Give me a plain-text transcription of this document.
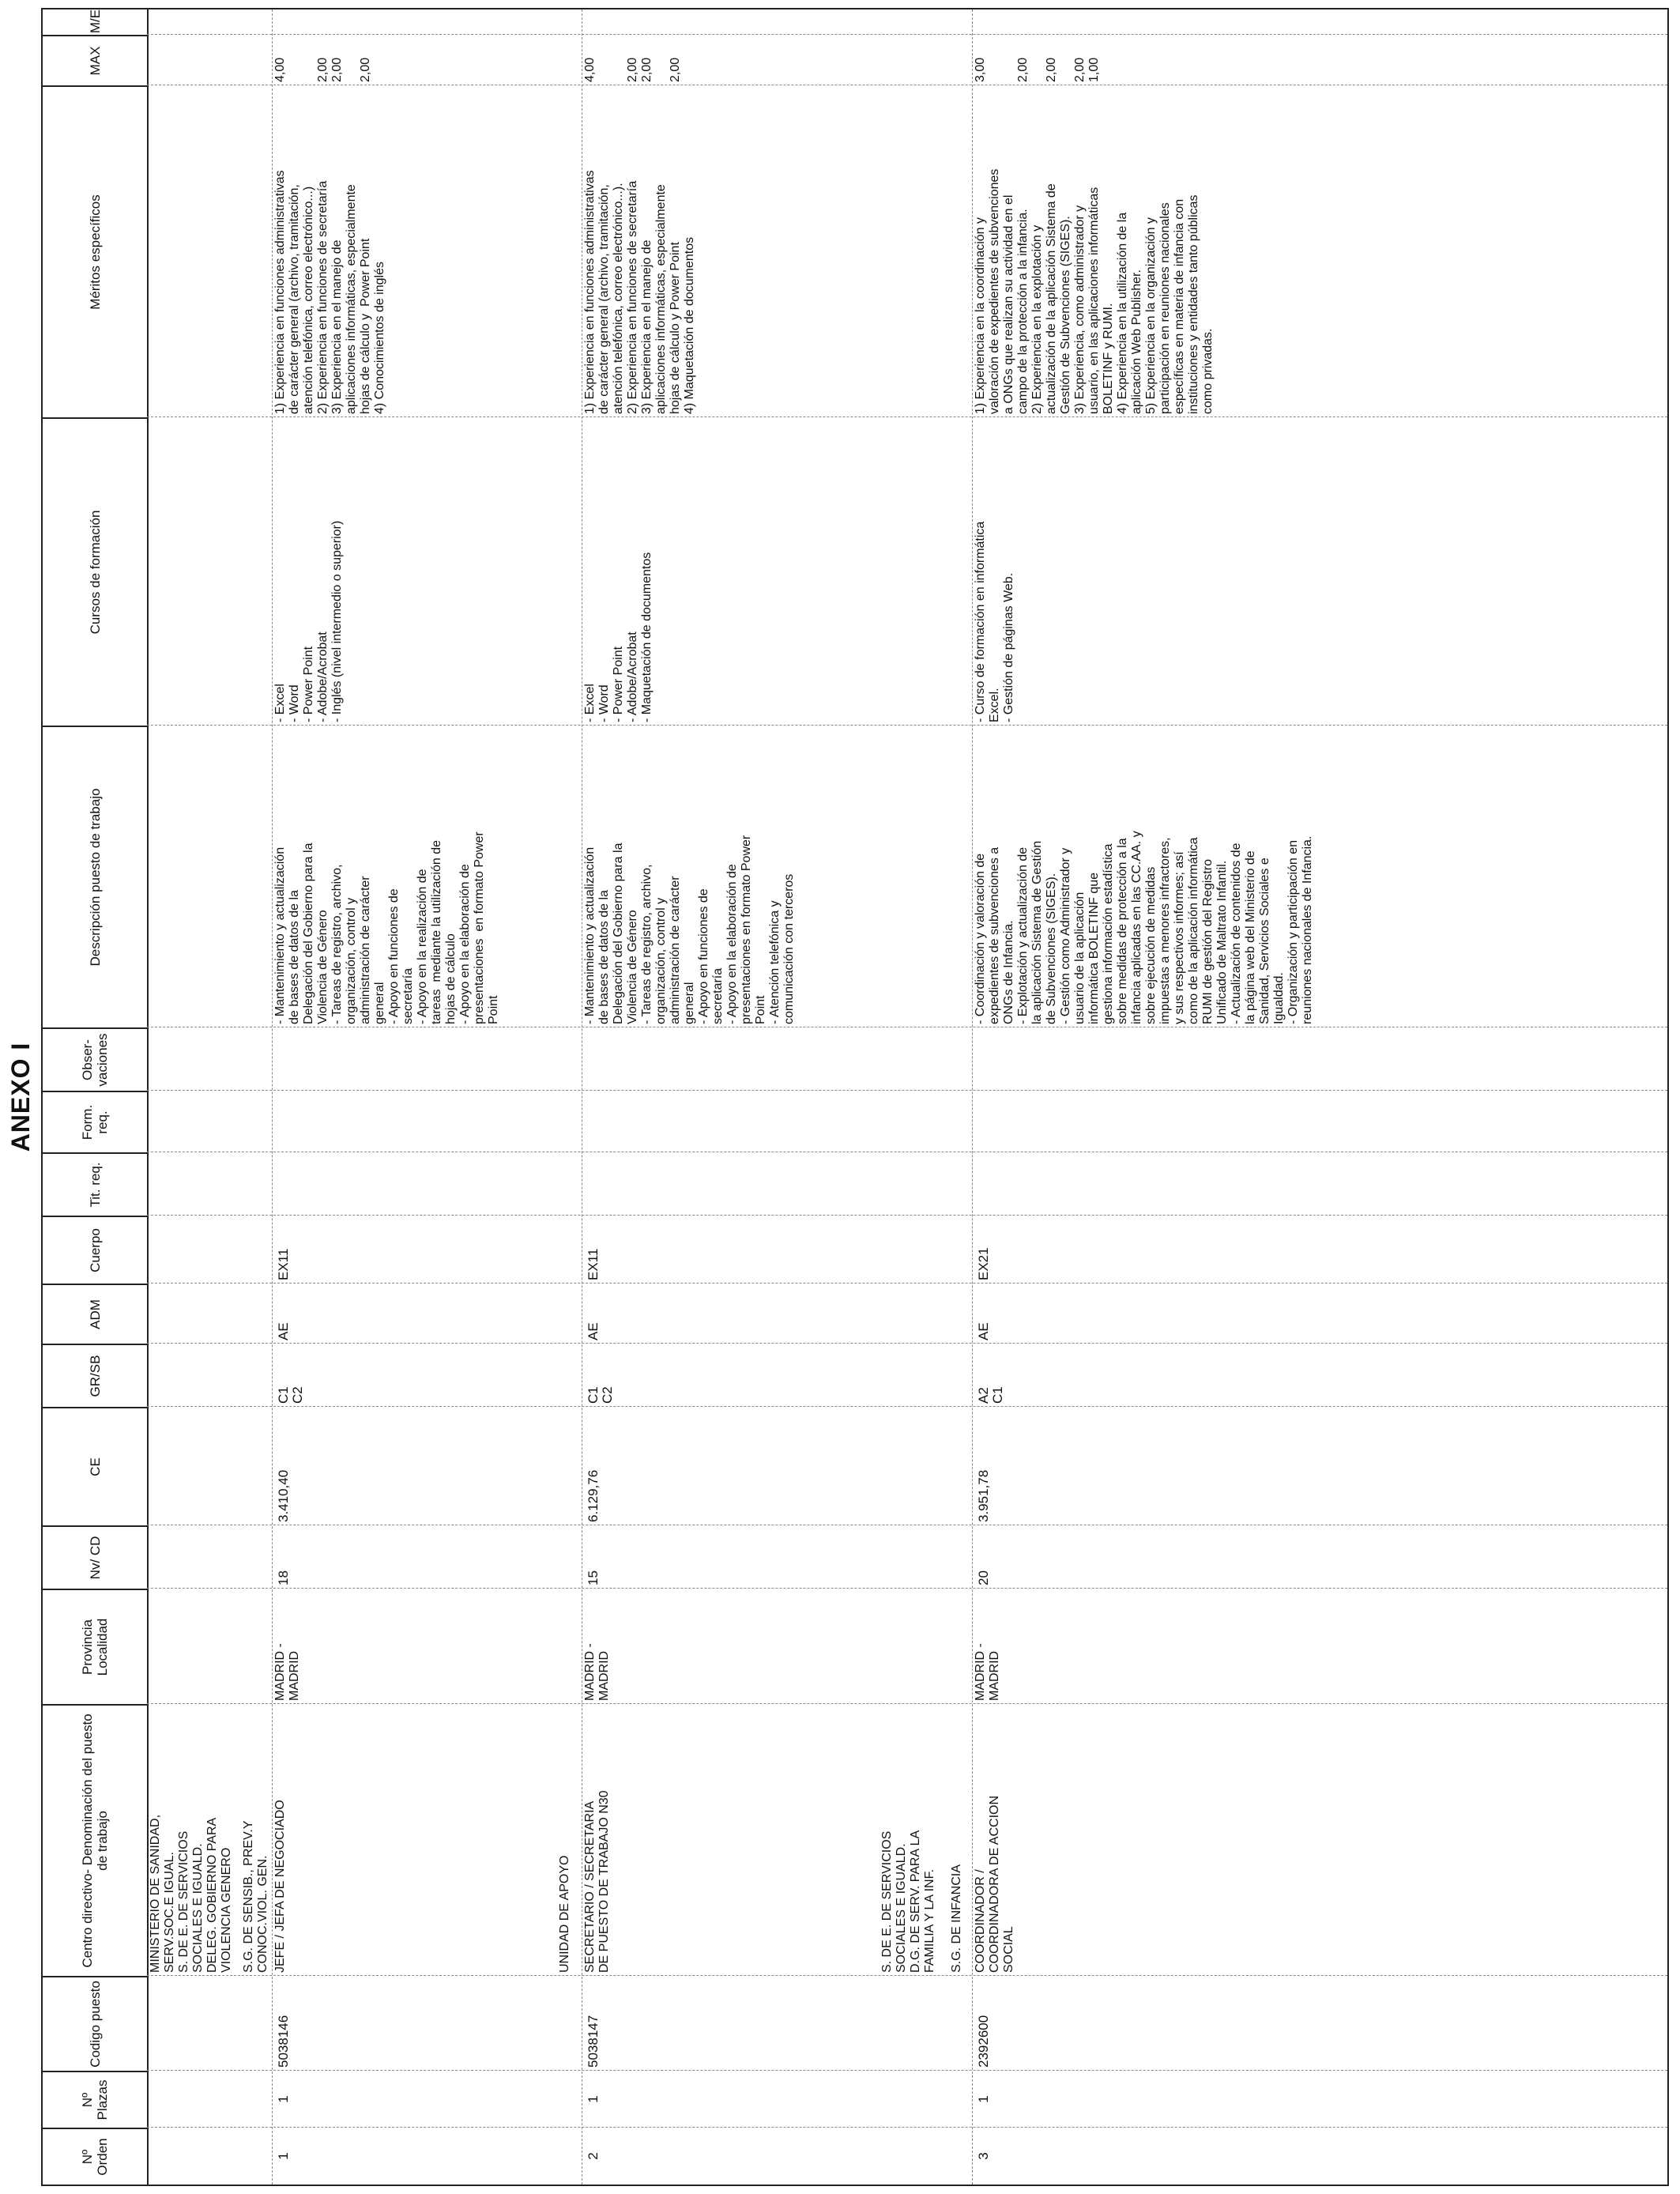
ANEXO I
Nº Orden
Nº Plazas
Codigo puesto
Centro directivo- Denominación del puesto de trabajo
Provincia Localidad
Nv/ CD
CE
GR/SB
ADM
Cuerpo
Tit. req.
Form. req.
Obser- vaciones
Descripción puesto de trabajo
Cursos de formación
Méritos específicos
MAX
M/E
MINISTERIO DE SANIDAD,
SERV.SOC.E IGUAL.
S. DE E. DE SERVICIOS
SOCIALES E IGUALD.
DELEG. GOBIERNO PARA
VIOLENCIA GENERO
S.G. DE SENSIB., PREV.Y
CONOC.VIOL. GEN.	UNIDAD DE APOYO	S. DE E. DE SERVICIOS
SOCIALES E IGUALD.
D.G. DE SERV. PARA LA
FAMILIA Y LA INF. S.G. DE INFANCIA
1
1
5038146
JEFE / JEFA DE NEGOCIADO
MADRID -
MADRID
18
3.410,40
C1
C2
AE
EX11
- Mantenimiento y actualización
de bases de datos de la
Delegación del Gobierno para la
Violencia de Género
- Tareas de registro, archivo,
organización, control y
administración de carácter
general
- Apoyo en funciones de
secretaría
- Apoyo en la realización de
tareas  mediante la utilización de
hojas de cálculo
- Apoyo en la elaboración de
presentaciones  en formato Power
Point
- Excel
- Word
- Power Point
- Adobe/Acrobat
- Inglés (nivel intermedio o superior)
1) Experiencia en funciones administrativas
de carácter general (archivo, tramitación,
atención telefónica, correo electrónico...)
2) Experiencia en funciones de secretaría
3) Experiencia en el manejo de
aplicaciones informáticas, especialmente
hojas de cálculo y  Power Point
4) Conocimientos de inglés
4,00

2,00
2,00

2,00
2
1
5038147
SECRETARIO / SECRETARIA
DE PUESTO DE TRABAJO N30
MADRID -
MADRID
15
6.129,76
C1
C2
AE
EX11
- Mantenimiento y actualización
de bases de datos de la
Delegación del Gobierno para la
Violencia de Género
- Tareas de registro, archivo,
organización, control y
administración de carácter
general
- Apoyo en funciones de
secretaría
- Apoyo en la elaboración de
presentaciones en formato Power
Point
- Atención telefónica y
comunicación con terceros
- Excel
- Word
- Power Point
- Adobe/Acrobat
- Maquetación de documentos
1) Experiencia en funciones administrativas
de carácter general (archivo, tramitación,
atención telefónica, correo electrónico...).
2) Experiencia en funciones de secretaría
3) Experiencia en el manejo de
aplicaciones informáticas, especialmente
hojas de cálculo y Power Point
4) Maquetación de documentos
4,00

2,00
2,00

2,00
3
1
2392600
COORDINADOR /
COORDINADORA DE ACCION
SOCIAL
MADRID -
MADRID
20
3.951,78
A2
C1
AE
EX21
- Coordinación y valoración de
expedientes de subvenciones a
ONGs de Infancia.
- Explotación y actualización de
la aplicación Sistema de Gestión
de Subvenciones (SIGES).
- Gestión como Administrador y
usuario de la aplicación
informática BOLETINF que
gestiona información estadística
sobre medidas de protección a la
infancia aplicadas en las CC.AA. y
sobre ejecución de medidas
impuestas a menores infractores,
y sus respectivos informes; así
como de la aplicación informática
RUMI de gestión del Registro
Unificado de Maltrato Infantil.
- Actualización de contenidos de
la página web del Ministerio de
Sanidad, Servicios Sociales e
Igualdad.
- Organización y participación en
reuniones nacionales de Infancia.
- Curso de formación en informática
Excel.
- Gestión de páginas Web.
1) Experiencia en la coordinación y
valoración de expedientes de subvenciones
a ONGs que realizan su actividad en el
campo de la protección a la infancia.
2) Experiencia en la explotación y
actualización de la aplicación Sistema de
Gestión de Subvenciones (SIGES).
3) Experiencia, como administrador y
usuario, en las aplicaciones informáticas
BOLETINF y RUMI.
4) Experiencia en la utilización de la
aplicación Web Publisher.
5) Experiencia en la organización y
participación en reuniones nacionales
específicas en materia de infancia con
instituciones y entidades tanto públicas
como privadas.
3,00

2,00

2,00

2,00
1,00
